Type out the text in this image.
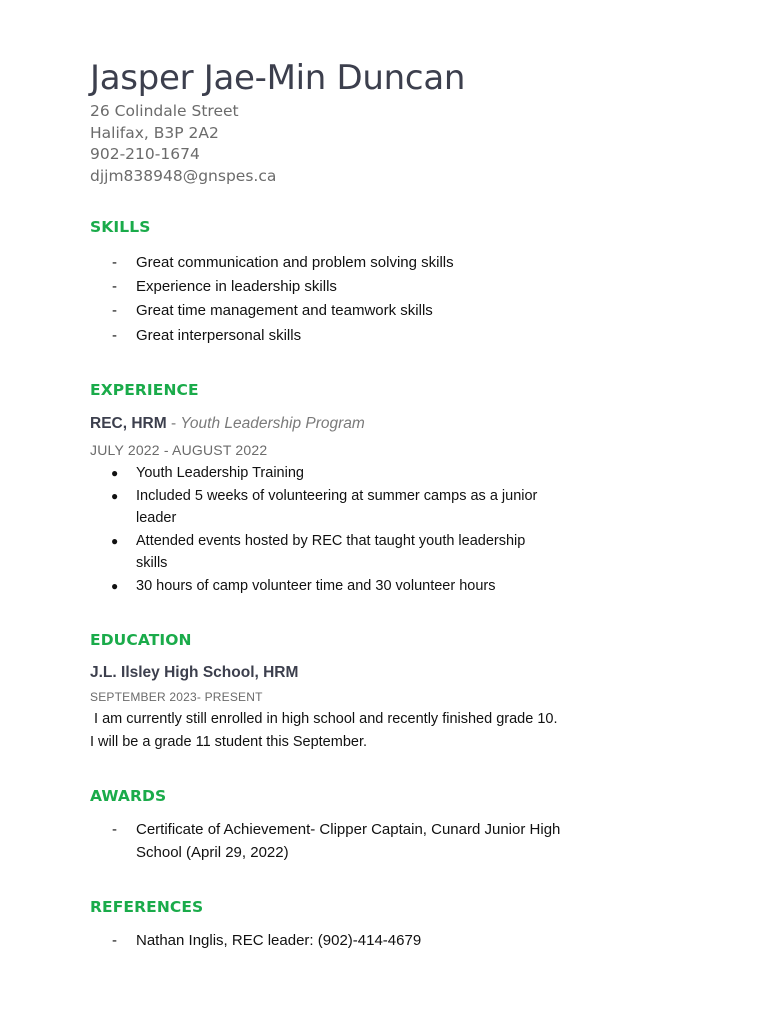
Jasper Jae-Min Duncan
26 Colindale Street
Halifax, B3P 2A2
902-210-1674
djjm838948@gnspes.ca
SKILLS
- Great communication and problem solving skills
- Experience in leadership skills
- Great time management and teamwork skills
- Great interpersonal skills
EXPERIENCE
REC, HRM - Youth Leadership Program
JULY 2022 - AUGUST 2022
● Youth Leadership Training
● Included 5 weeks of volunteering at summer camps as a junior leader
● Attended events hosted by REC that taught youth leadership skills
● 30 hours of camp volunteer time and 30 volunteer hours
EDUCATION
J.L. Ilsley High School, HRM
SEPTEMBER 2023- PRESENT

I am currently still enrolled in high school and recently finished grade 10. I will be a grade 11 student this September.

AWARDS
- Certificate of Achievement- Clipper Captain, Cunard Junior High School (April 29, 2022)
REFERENCES
- Nathan Inglis, REC leader: (902)-414-4679
